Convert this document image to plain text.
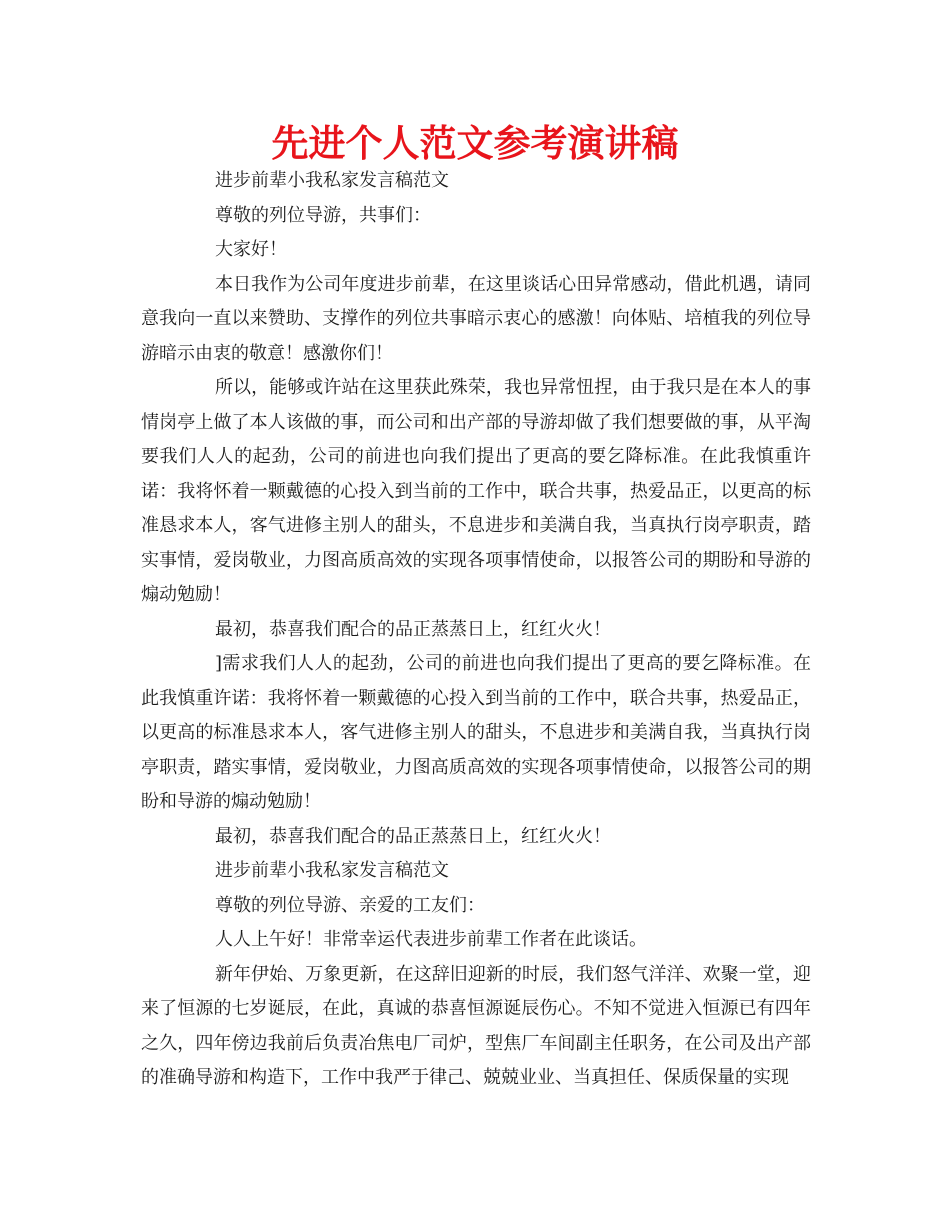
先进个人范文参考演讲稿

进步前辈小我私家发言稿范文

尊敬的列位导游，共事们：

大家好！

本日我作为公司年度进步前辈，在这里谈话心田异常感动，借此机遇，请同意我向一直以来赞助、支撑作的列位共事暗示衷心的感激！向体贴、培植我的列位导游暗示由衷的敬意！感激你们！

所以，能够或许站在这里获此殊荣，我也异常忸捏，由于我只是在本人的事情岗亭上做了本人该做的事，而公司和出产部的导游却做了我们想要做的事，从平淘要我们人人的起劲，公司的前进也向我们提出了更高的要乞降标准。在此我慎重许诺：我将怀着一颗戴德的心投入到当前的工作中，联合共事，热爱品正，以更高的标准恳求本人，客气进修主别人的甜头，不息进步和美满自我，当真执行岗亭职责，踏实事情，爱岗敬业，力图高质高效的实现各项事情使命，以报答公司的期盼和导游的煽动勉励！

最初，恭喜我们配合的品正蒸蒸日上，红红火火！

]需求我们人人的起劲，公司的前进也向我们提出了更高的要乞降标准。在此我慎重许诺：我将怀着一颗戴德的心投入到当前的工作中，联合共事，热爱品正，以更高的标准恳求本人，客气进修主别人的甜头，不息进步和美满自我，当真执行岗亭职责，踏实事情，爱岗敬业，力图高质高效的实现各项事情使命，以报答公司的期盼和导游的煽动勉励！

最初，恭喜我们配合的品正蒸蒸日上，红红火火！

进步前辈小我私家发言稿范文

尊敬的列位导游、亲爱的工友们：

人人上午好！非常幸运代表进步前辈工作者在此谈话。

新年伊始、万象更新，在这辞旧迎新的时辰，我们怒气洋洋、欢聚一堂，迎来了恒源的七岁诞辰，在此，真诚的恭喜恒源诞辰伤心。不知不觉进入恒源已有四年之久，四年傍边我前后负责冶焦电厂司炉，型焦厂车间副主任职务，在公司及出产部的准确导游和构造下，工作中我严于律己、兢兢业业、当真担任、保质保量的实现
